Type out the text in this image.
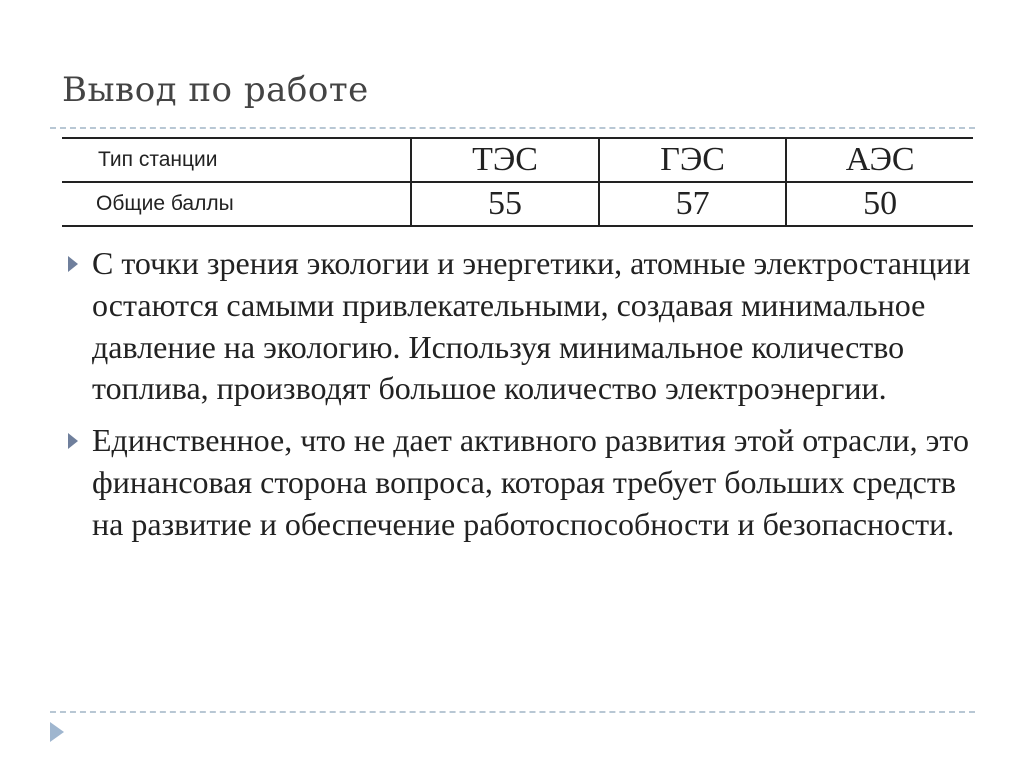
Вывод по работе
Тип станции	ТЭС	ГЭС	АЭС
Общие баллы	55	57	50
С точки зрения экологии и энергетики, атомные электростанции остаются самыми привлекательными, создавая минимальное давление на экологию. Используя минимальное количество топлива, производят большое количество электроэнергии.
Единственное, что не дает активного развития этой отрасли, это финансовая сторона вопроса, которая требует больших средств на развитие и обеспечение работоспособности и безопасности.
